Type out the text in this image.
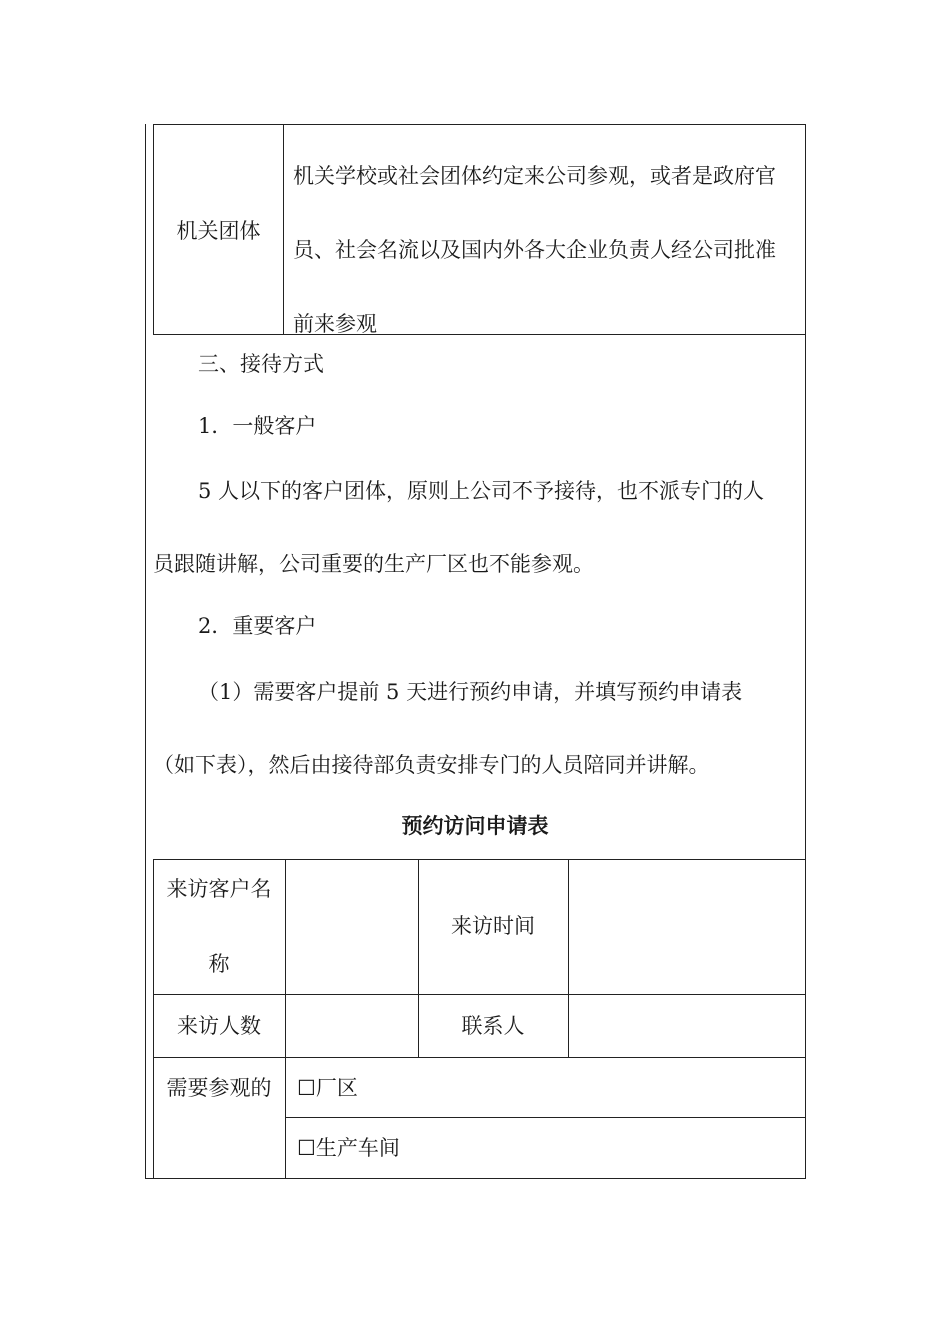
机关团体
机关学校或社会团体约定来公司参观，或者是政府官
员、社会名流以及国内外各大企业负责人经公司批准
前来参观
三、接待方式
1．一般客户
5 人以下的客户团体，原则上公司不予接待，也不派专门的人
员跟随讲解，公司重要的生产厂区也不能参观。
2．重要客户
（1）需要客户提前 5 天进行预约申请，并填写预约申请表
（如下表），然后由接待部负责安排专门的人员陪同并讲解。
预约访问申请表
来访客户名
称
来访时间
来访人数	联系人
需要参观的	☐厂区
☐生产车间
